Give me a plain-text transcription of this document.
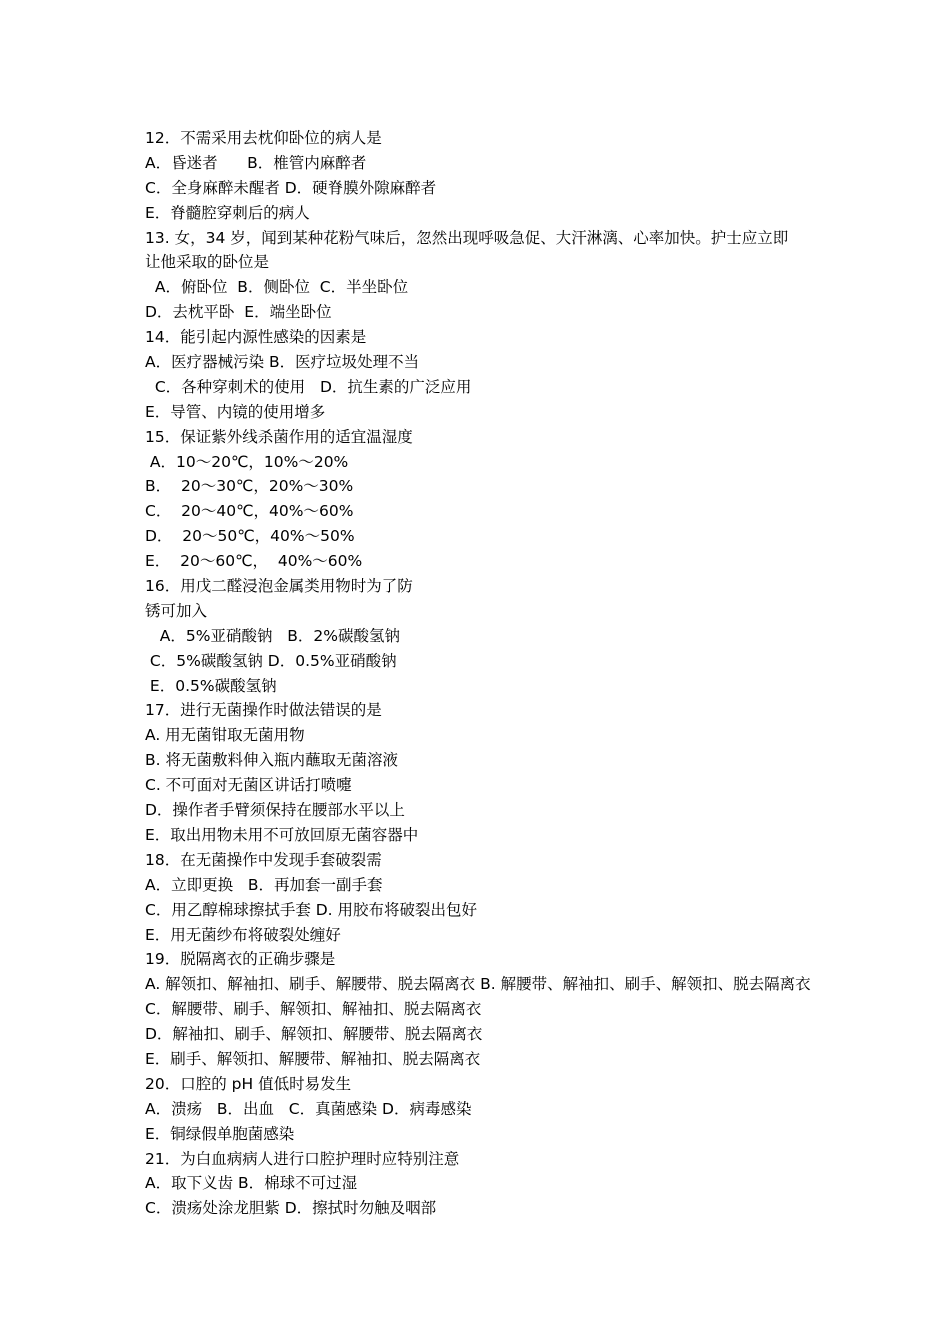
12．不需采用去枕仰卧位的病人是
A．昏迷者      B．椎管内麻醉者
C．全身麻醉未醒者 D．硬脊膜外隙麻醉者
E．脊髓腔穿刺后的病人
13. 女，34 岁，闻到某种花粉气味后，忽然出现呼吸急促、大汗淋漓、心率加快。护士应立即
让他采取的卧位是
A．俯卧位  B．侧卧位  C．半坐卧位
D．去枕平卧  E．端坐卧位
14．能引起内源性感染的因素是
A．医疗器械污染 B．医疗垃圾处理不当
C．各种穿刺术的使用   D．抗生素的广泛应用
E．导管、内镜的使用增多
15．保证紫外线杀菌作用的适宜温湿度
A．10～20℃，10%～20%
B．  20～30℃，20%～30%
C．  20～40℃，40%～60%
D．  20～50℃，40%～50%
E．  20～60℃，  40%～60%
16．用戊二醛浸泡金属类用物时为了防
锈可加入
A．5%亚硝酸钠   B．2%碳酸氢钠
C．5%碳酸氢钠 D．0.5%亚硝酸钠
E．0.5%碳酸氢钠
17．进行无菌操作时做法错误的是
A. 用无菌钳取无菌用物
B. 将无菌敷料伸入瓶内蘸取无菌溶液
C. 不可面对无菌区讲话打喷嚏
D．操作者手臂须保持在腰部水平以上
E．取出用物未用不可放回原无菌容器中
18．在无菌操作中发现手套破裂需
A．立即更换   B．再加套一副手套
C．用乙醇棉球擦拭手套 D. 用胶布将破裂出包好
E．用无菌纱布将破裂处缠好
19．脱隔离衣的正确步骤是
A. 解领扣、解袖扣、刷手、解腰带、脱去隔离衣 B. 解腰带、解袖扣、刷手、解领扣、脱去隔离衣
C．解腰带、刷手、解领扣、解袖扣、脱去隔离衣
D．解袖扣、刷手、解领扣、解腰带、脱去隔离衣
E．刷手、解领扣、解腰带、解袖扣、脱去隔离衣
20．口腔的 pH 值低时易发生
A．溃疡   B．出血   C．真菌感染 D．病毒感染
E．铜绿假单胞菌感染
21．为白血病病人进行口腔护理时应特别注意
A．取下义齿 B．棉球不可过湿
C．溃疡处涂龙胆紫 D．擦拭时勿触及咽部
